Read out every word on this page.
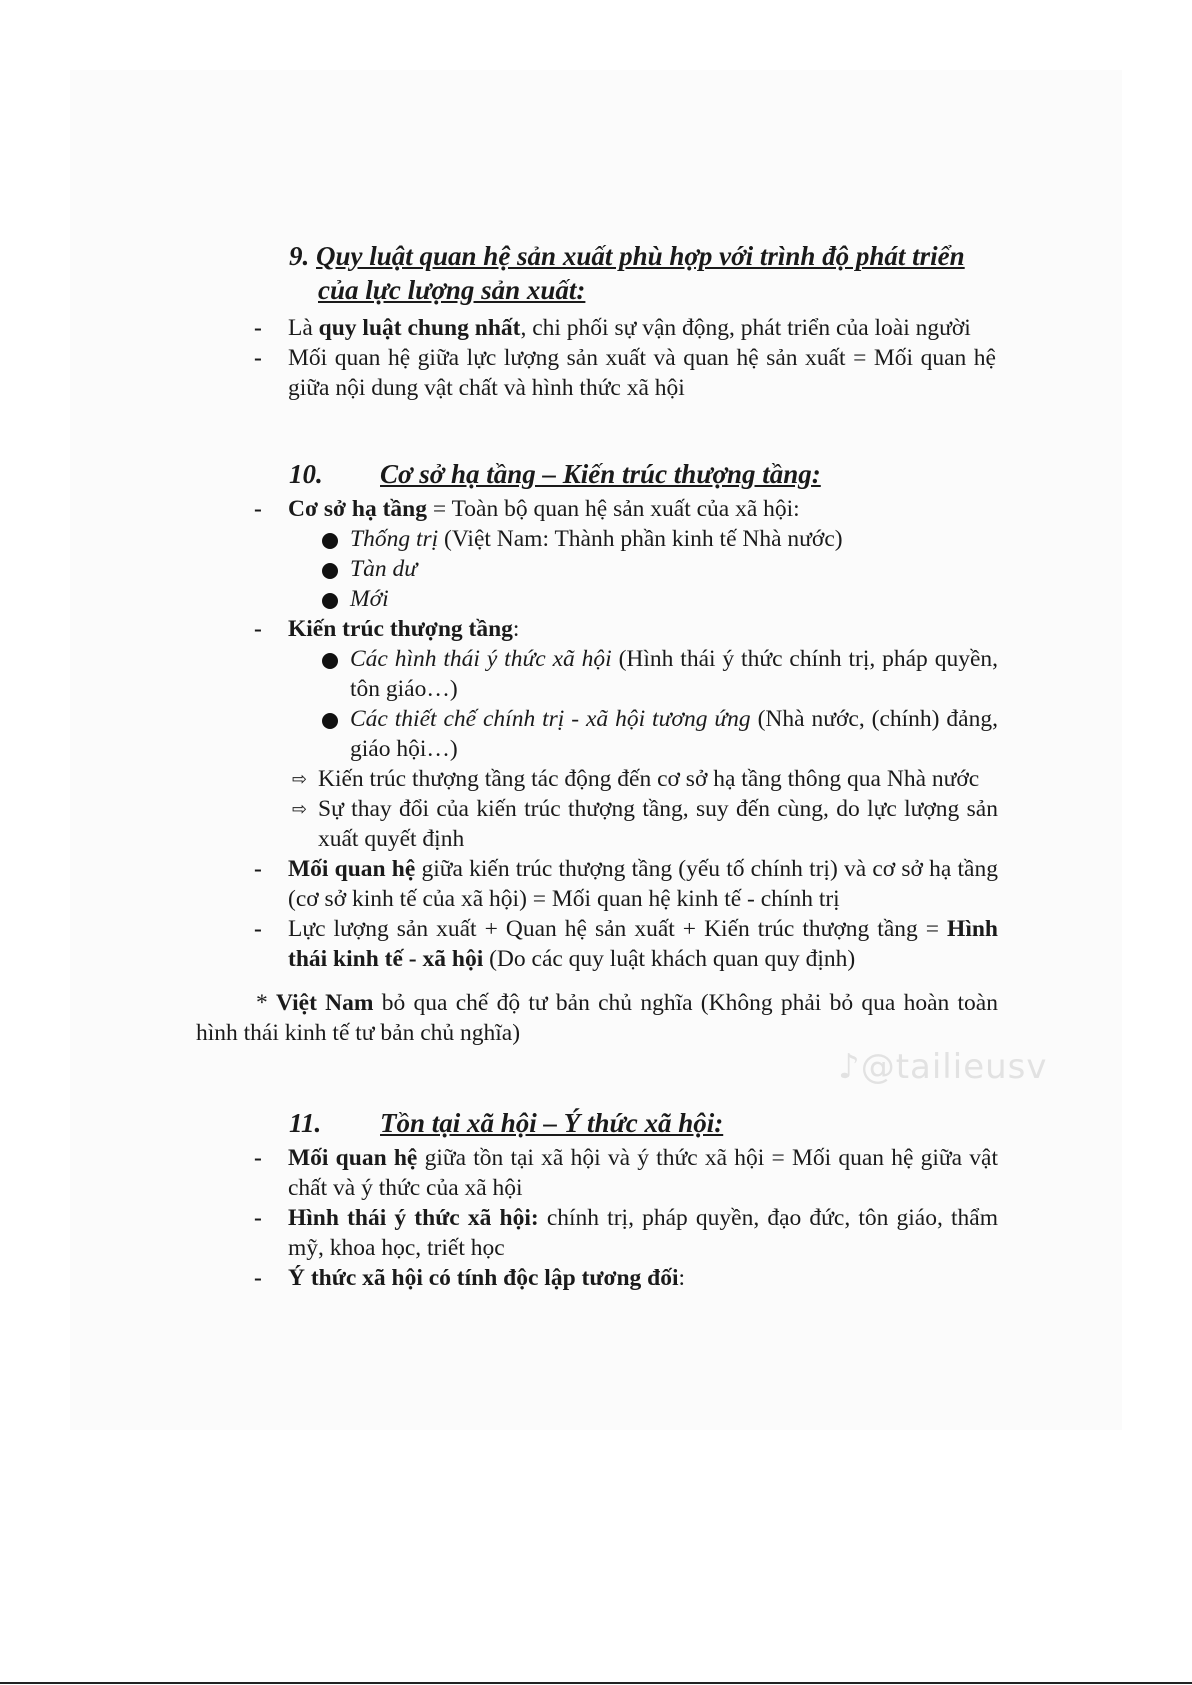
9. Quy luật quan hệ sản xuất phù hợp với trình độ phát triển
của lực lượng sản xuất:
-	Là quy luật chung nhất, chi phối sự vận động, phát triển của loài người
-	Mối quan hệ giữa lực lượng sản xuất và quan hệ sản xuất = Mối quan hệ giữa nội dung vật chất và hình thức xã hội
10. Cơ sở hạ tầng – Kiến trúc thượng tầng:
-	Cơ sở hạ tầng = Toàn bộ quan hệ sản xuất của xã hội:
Thống trị (Việt Nam: Thành phần kinh tế Nhà nước)
Tàn dư
Mới
-	Kiến trúc thượng tầng:
Các hình thái ý thức xã hội (Hình thái ý thức chính trị, pháp quyền, tôn giáo…)
Các thiết chế chính trị - xã hội tương ứng (Nhà nước, (chính) đảng, giáo hội…)
⇨ Kiến trúc thượng tầng tác động đến cơ sở hạ tầng thông qua Nhà nước
⇨ Sự thay đổi của kiến trúc thượng tầng, suy đến cùng, do lực lượng sản xuất quyết định
-	Mối quan hệ giữa kiến trúc thượng tầng (yếu tố chính trị) và cơ sở hạ tầng (cơ sở kinh tế của xã hội) = Mối quan hệ kinh tế - chính trị
-	Lực lượng sản xuất + Quan hệ sản xuất + Kiến trúc thượng tầng = Hình thái kinh tế - xã hội (Do các quy luật khách quan quy định)
* Việt Nam bỏ qua chế độ tư bản chủ nghĩa (Không phải bỏ qua hoàn toàn hình thái kinh tế tư bản chủ nghĩa)
♪@tailieusv
11. Tồn tại xã hội – Ý thức xã hội:
-	Mối quan hệ giữa tồn tại xã hội và ý thức xã hội = Mối quan hệ giữa vật chất và ý thức của xã hội
-	Hình thái ý thức xã hội: chính trị, pháp quyền, đạo đức, tôn giáo, thẩm mỹ, khoa học, triết học
-	Ý thức xã hội có tính độc lập tương đối:
